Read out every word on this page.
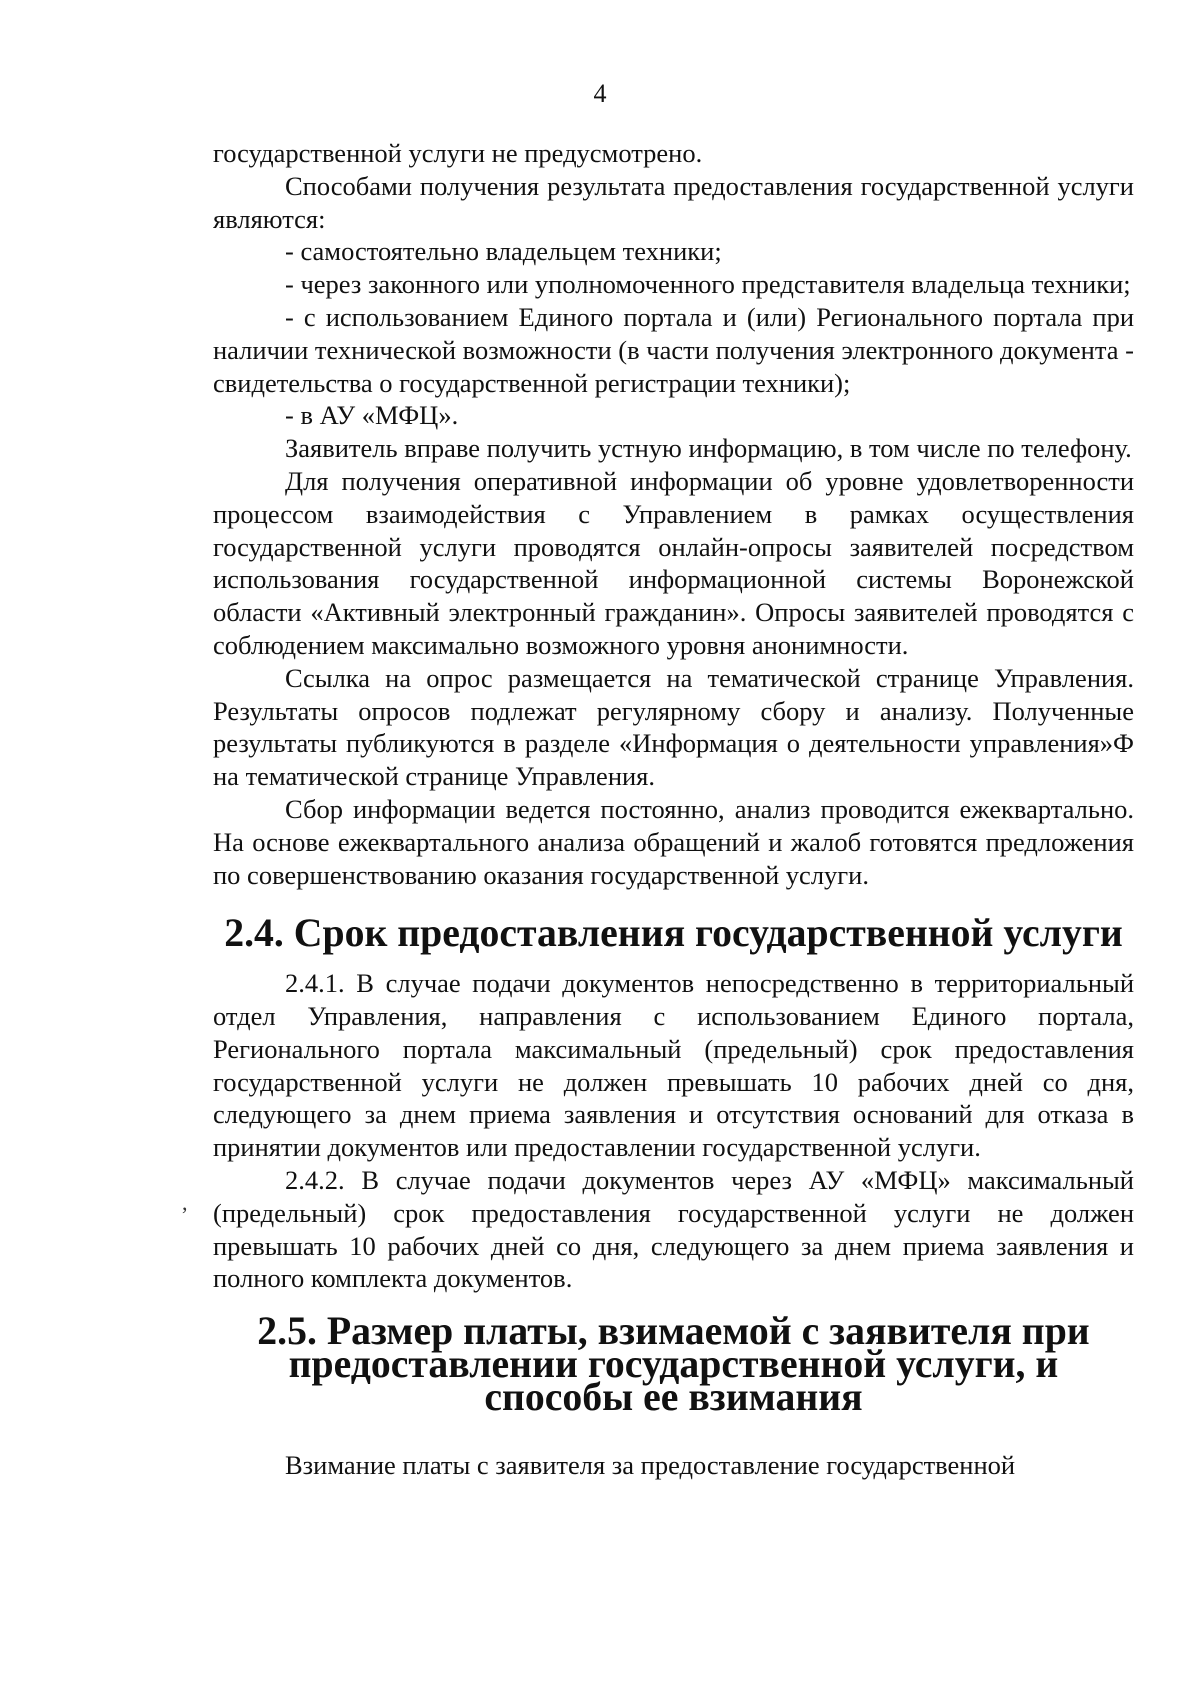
4

государственной услуги не предусмотрено.

Способами получения результата предоставления государственной услуги являются:

- самостоятельно владельцем техники;

- через законного или уполномоченного представителя владельца техники;

- с использованием Единого портала и (или) Регионального портала при наличии технической возможности (в части получения электронного документа - свидетельства о государственной регистрации техники);

- в АУ «МФЦ».

Заявитель вправе получить устную информацию, в том числе по телефону.

Для получения оперативной информации об уровне удовлетворенности процессом взаимодействия с Управлением в рамках осуществления государственной услуги проводятся онлайн-опросы заявителей посредством использования государственной информационной системы Воронежской области «Активный электронный гражданин». Опросы заявителей проводятся с соблюдением максимально возможного уровня анонимности.

Ссылка на опрос размещается на тематической странице Управления. Результаты опросов подлежат регулярному сбору и анализу. Полученные результаты публикуются в разделе «Информация о деятельности управления»Ф на тематической странице Управления.

Сбор информации ведется постоянно, анализ проводится ежеквартально. На основе ежеквартального анализа обращений и жалоб готовятся предложения по совершенствованию оказания государственной услуги.

2.4. Срок предоставления государственной услуги

2.4.1. В случае подачи документов непосредственно в территориальный отдел Управления, направления с использованием Единого портала, Регионального портала максимальный (предельный) срок предоставления государственной услуги не должен превышать 10 рабочих дней со дня, следующего за днем приема заявления и отсутствия оснований для отказа в принятии документов или предоставлении государственной услуги.

2.4.2. В случае подачи документов через АУ «МФЦ» максимальный (предельный) срок предоставления государственной услуги не должен превышать 10 рабочих дней со дня, следующего за днем приема заявления и полного комплекта документов.

2.5. Размер платы, взимаемой с заявителя при предоставлении государственной услуги, и способы ее взимания

Взимание платы с заявителя за предоставление государственной

,
